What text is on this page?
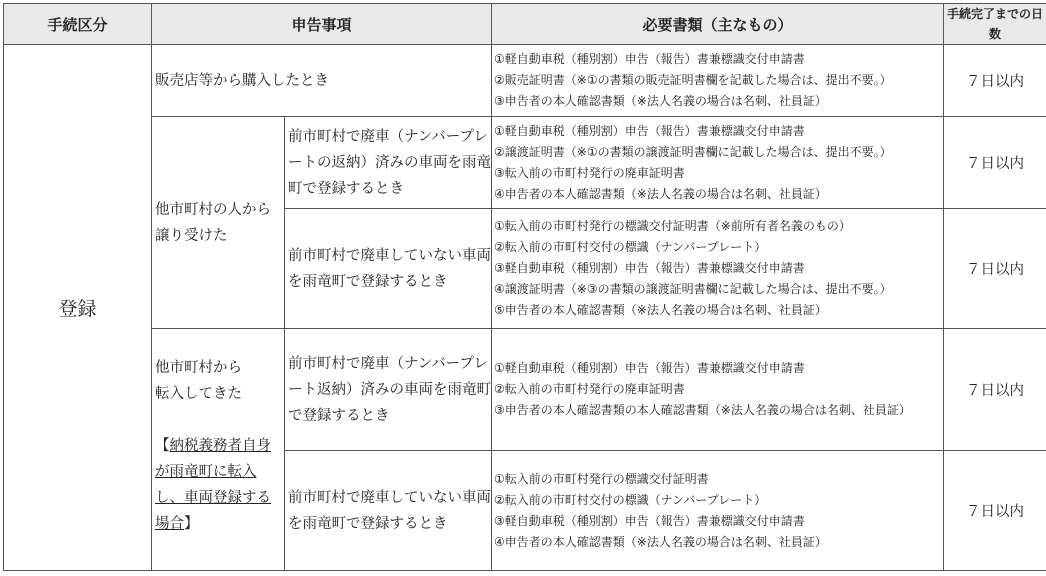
手続区分	申告事項		必要書類（主なもの）	手続完了までの日数
登録	販売店等から購入したとき		①軽自動車税（種別割）申告（報告）書兼標識交付申請書
②販売証明書（※①の書類の販売証明書欄を記載した場合は、提出不要。）
③申告者の本人確認書類（※法人名義の場合は名刺、社員証）	７日以内
	他市町村の人から譲り受けた	前市町村で廃車（ナンバープレートの返納）済みの車両を雨竜町で登録するとき	①軽自動車税（種別割）申告（報告）書兼標識交付申請書
②譲渡証明書（※①の書類の譲渡証明書欄に記載した場合は、提出不要。）
③転入前の市町村発行の廃車証明書
④申告者の本人確認書類（※法人名義の場合は名刺、社員証）	７日以内
		前市町村で廃車していない車両を雨竜町で登録するとき	①転入前の市町村発行の標識交付証明書（※前所有者名義のもの）
②転入前の市町村交付の標識（ナンバープレート）
③軽自動車税（種別割）申告（報告）書兼標識交付申請書
④譲渡証明書（※③の書類の譲渡証明書欄に記載した場合は、提出不要。）
⑤申告者の本人確認書類（※法人名義の場合は名刺、社員証）	７日以内

	他市町村から
転入してきた
【納税義務者自身が雨竜町に転入し、車両登録する場合】	前市町村で廃車（ナンバープレート返納）済みの車両を雨竜町で登録するとき	①軽自動車税（種別割）申告（報告）書兼標識交付申請書
②転入前の市町村発行の廃車証明書
③申告者の本人確認書類の本人確認書類（※法人名義の場合は名刺、社員証）	７日以内
		前市町村で廃車していない車両を雨竜町で登録するとき	①転入前の市町村発行の標識交付証明書
②転入前の市町村交付の標識（ナンバープレート）
③軽自動車税（種別割）申告（報告）書兼標識交付申請書
④申告者の本人確認書類（※法人名義の場合は名刺、社員証）	７日以内
